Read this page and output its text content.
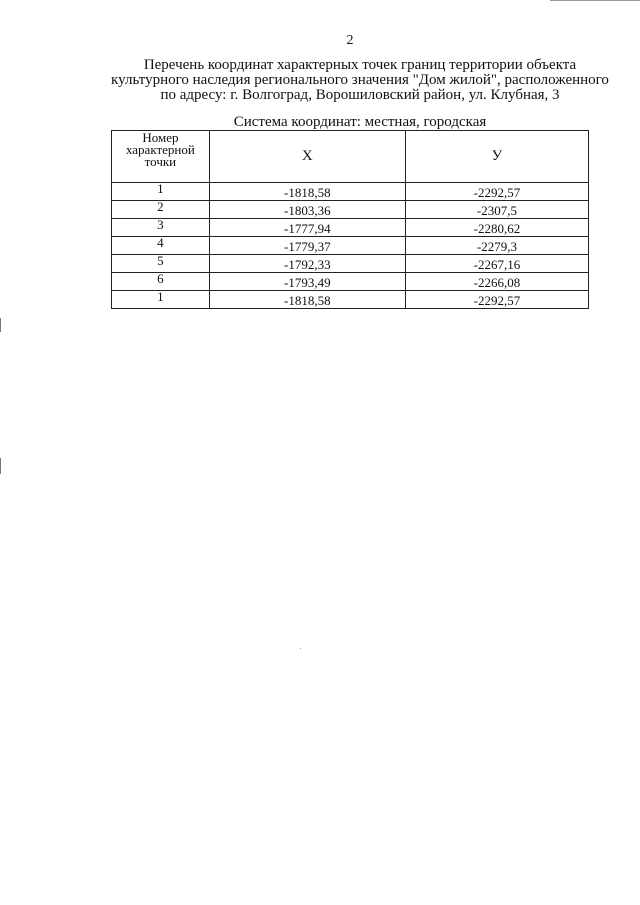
2
Перечень координат характерных точек границ территории объекта
культурного наследия регионального значения "Дом жилой", расположенного
по адресу: г. Волгоград, Ворошиловский район, ул. Клубная, 3
Система координат: местная, городская
Номер
характерной
точки	X	У
1	-1818,58	-2292,57
2	-1803,36	-2307,5
3	-1777,94	-2280,62
4	-1779,37	-2279,3
5	-1792,33	-2267,16
6	-1793,49	-2266,08
1	-1818,58	-2292,57
